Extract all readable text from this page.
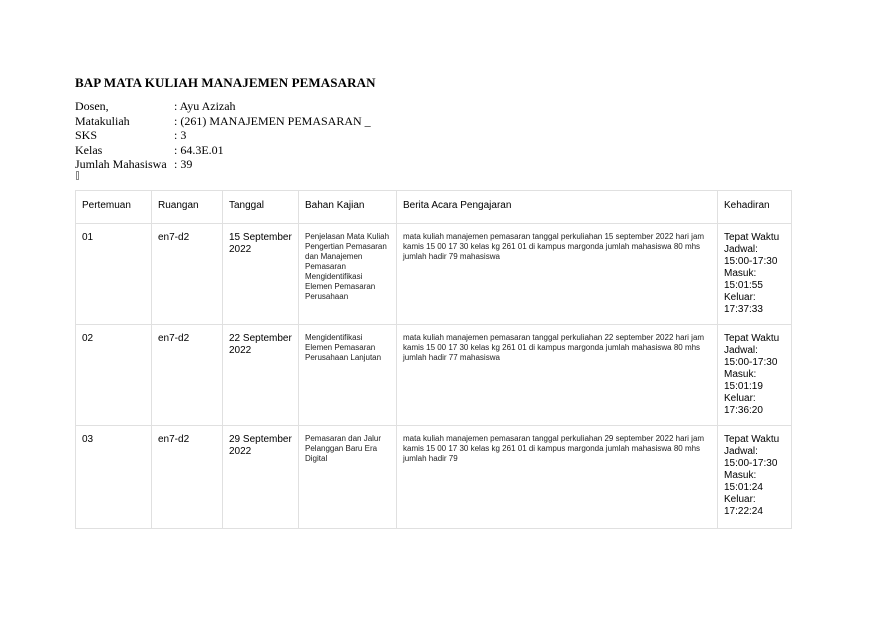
BAP MATA KULIAH MANAJEMEN PEMASARAN
Dosen,	: Ayu Azizah
Matakuliah	: (261) MANAJEMEN PEMASARAN _
SKS	: 3
Kelas	: 64.3E.01
Jumlah Mahasiswa : 39
Pertemuan	Ruangan	Tanggal	Bahan Kajian	Berita Acara Pengajaran	Kehadiran
01	en7-d2	15 September 2022	Penjelasan Mata Kuliah Pengertian Pemasaran dan Manajemen Pemasaran Mengidentifikasi Elemen Pemasaran Perusahaan	mata kuliah manajemen pemasaran tanggal perkuliahan 15 september 2022 hari jam kamis 15 00 17 30 kelas kg 261 01 di kampus margonda jumlah mahasiswa 80 mhs jumlah hadir 79 mahasiswa	Tepat Waktu
Jadwal: 15:00-17:30
Masuk: 15:01:55
Keluar: 17:37:33

02	en7-d2	22 September 2022	Mengidentifikasi Elemen Pemasaran Perusahaan Lanjutan	mata kuliah manajemen pemasaran tanggal perkuliahan 22 september 2022 hari jam kamis 15 00 17 30 kelas kg 261 01 di kampus margonda jumlah mahasiswa 80 mhs jumlah hadir 77 mahasiswa	Tepat Waktu
Jadwal: 15:00-17:30
Masuk: 15:01:19
Keluar: 17:36:20

03	en7-d2	29 September 2022	Pemasaran dan Jalur Pelanggan Baru Era Digital	mata kuliah manajemen pemasaran tanggal perkuliahan 29 september 2022 hari jam kamis 15 00 17 30 kelas kg 261 01 di kampus margonda jumlah mahasiswa 80 mhs jumlah hadir 79	Tepat Waktu
Jadwal: 15:00-17:30
Masuk: 15:01:24
Keluar: 17:22:24
